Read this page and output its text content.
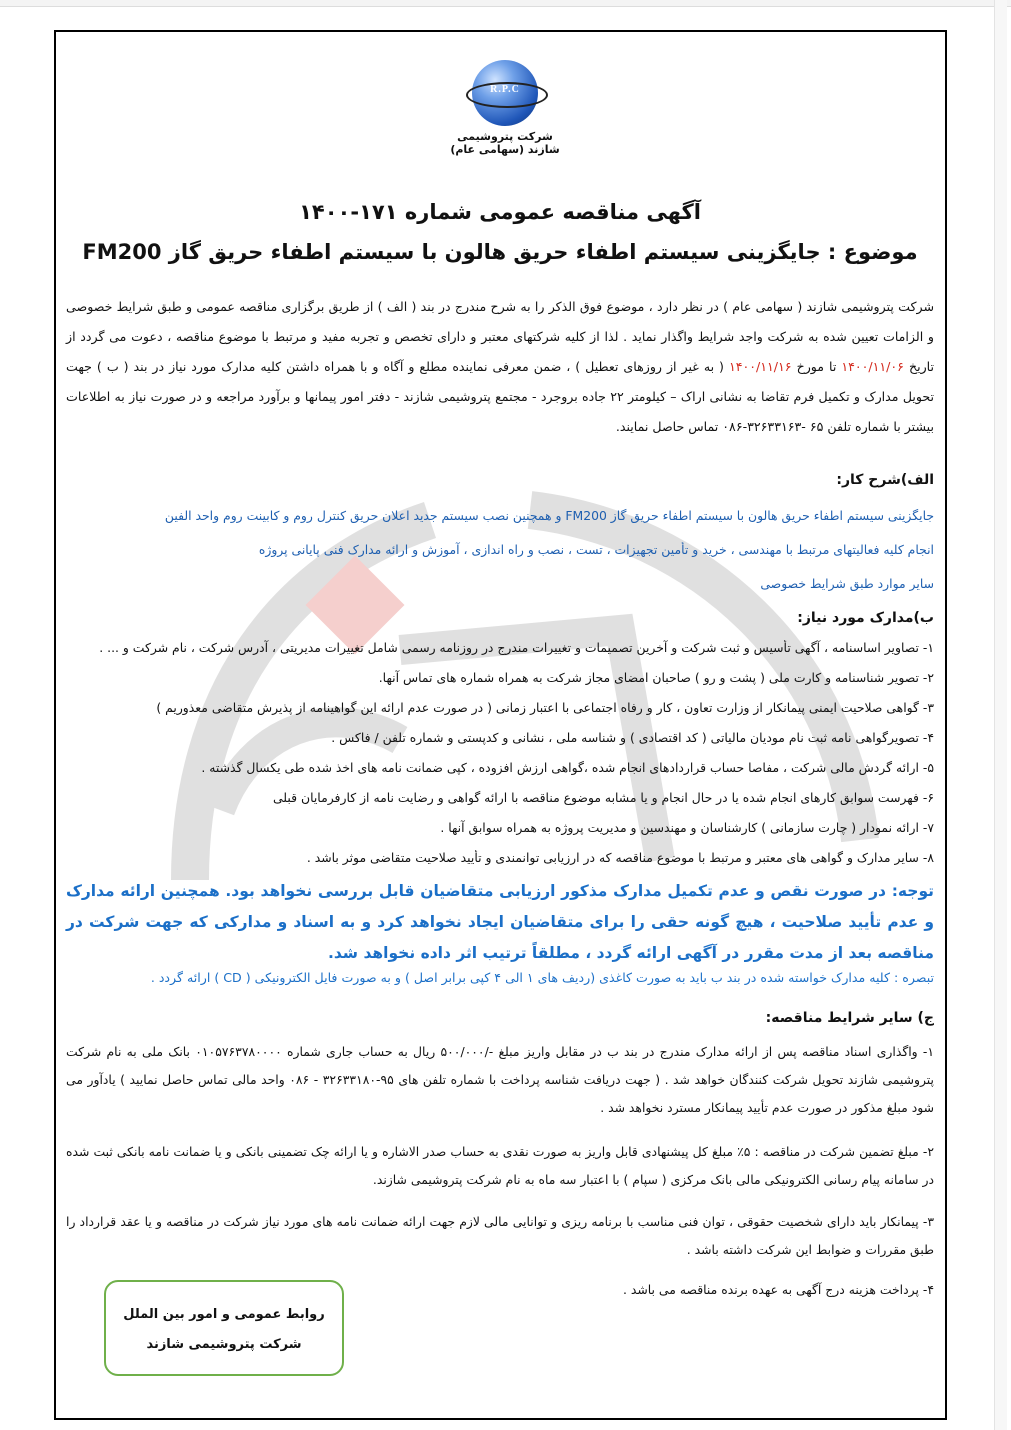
R.P.C
شرکت پتروشیمی شازند (سهامی عام)
آگهی مناقصه عمومی شماره ۱۷۱-۱۴۰۰
موضوع : جایگزینی سیستم اطفاء حریق هالون با سیستم اطفاء حریق گاز FM200
شرکت پتروشیمی شازند ( سهامی عام ) در نظر دارد ، موضوع فوق الذکر را به شرح مندرج در بند ( الف ) از طریق برگزاری مناقصه عمومی و طبق شرایط خصوصی و الزامات تعیین شده به شرکت واجد شرایط واگذار نماید . لذا از کلیه شرکتهای معتبر و دارای تخصص و تجربه مفید و مرتبط با موضوع مناقصه ، دعوت می گردد از تاریخ ۱۴۰۰/۱۱/۰۶ تا مورخ ۱۴۰۰/۱۱/۱۶ ( به غیر از روزهای تعطیل ) ، ضمن معرفی نماینده مطلع و آگاه و با همراه داشتن کلیه مدارک مورد نیاز در بند ( ب ) جهت تحویل مدارک و تکمیل فرم تقاضا به نشانی اراک – کیلومتر ۲۲ جاده بروجرد - مجتمع پتروشیمی شازند - دفتر امور پیمانها و برآورد مراجعه و در صورت نیاز به اطلاعات بیشتر با شماره تلفن ۶۵ -۳۲۶۳۳۱۶۳-۰۸۶ تماس حاصل نمایند.
الف)شرح کار:
جایگزینی سیستم اطفاء حریق هالون با سیستم اطفاء حریق گاز FM200 و همچنین نصب سیستم جدید اعلان حریق کنترل روم و کابینت روم واحد الفین
انجام کلیه فعالیتهای مرتبط با مهندسی ، خرید و تأمین تجهیزات ، تست ، نصب و راه اندازی ، آموزش و ارائه مدارک فنی پایانی پروژه
سایر موارد طبق شرایط خصوصی
ب)مدارک مورد نیاز:
۱- تصاویر اساسنامه ، آگهی تأسیس و ثبت شرکت و آخرین تصمیمات و تغییرات مندرج در روزنامه رسمی شامل تغییرات مدیریتی ، آدرس شرکت ، نام شرکت و ... .
۲- تصویر شناسنامه و کارت ملی ( پشت و رو ) صاحبان امضای مجاز شرکت به همراه شماره های تماس آنها.
۳- گواهی صلاحیت ایمنی پیمانکار از وزارت تعاون ، کار و رفاه اجتماعی با اعتبار زمانی ( در صورت عدم ارائه این گواهینامه از پذیرش متقاضی معذوریم )
۴- تصویرگواهی نامه ثبت نام مودیان مالیاتی ( کد اقتصادی ) و شناسه ملی ، نشانی و کدپستی و شماره تلفن / فاکس .
۵- ارائه گردش مالی شرکت ، مفاصا حساب قراردادهای انجام شده ،گواهی ارزش افزوده ، کپی ضمانت نامه های اخذ شده طی یکسال گذشته .
۶- فهرست سوابق کارهای انجام شده یا در حال انجام و یا مشابه موضوع مناقصه با ارائه گواهی و رضایت نامه از کارفرمایان قبلی
۷- ارائه نمودار ( چارت سازمانی ) کارشناسان و مهندسین و مدیریت پروژه به همراه سوابق آنها .
۸- سایر مدارک و گواهی های معتبر و مرتبط با موضوع مناقصه که در ارزیابی توانمندی و تأیید صلاحیت متقاضی موثر باشد .
توجه: در صورت نقص و عدم تکمیل مدارک مذکور ارزیابی متقاضیان قابل بررسی نخواهد بود. همچنین ارائه مدارک و عدم تأیید صلاحیت ، هیچ گونه حقی را برای متقاضیان ایجاد نخواهد کرد و به اسناد و مدارکی که جهت شرکت در مناقصه بعد از مدت مقرر در آگهی ارائه گردد ، مطلقاً ترتیب اثر داده نخواهد شد.
تبصره : کلیه مدارک خواسته شده در بند ب باید به صورت کاغذی (ردیف های ۱ الی ۴ کپی برابر اصل ) و به صورت فایل الکترونیکی ( CD ) ارائه گردد .
ج) سایر شرایط مناقصه:
۱- واگذاری اسناد مناقصه پس از ارائه مدارک مندرج در بند ب در مقابل واریز مبلغ -/۵۰۰/۰۰۰ ریال به حساب جاری شماره ۰۱۰۵۷۶۳۷۸۰۰۰۰ بانک ملی به نام شرکت پتروشیمی شازند تحویل شرکت کنندگان خواهد شد . ( جهت دریافت شناسه پرداخت با شماره تلفن های ۹۵-۳۲۶۳۳۱۸۰ - ۰۸۶ واحد مالی تماس حاصل نمایید ) یادآور می شود مبلغ مذکور در صورت عدم تأیید پیمانکار مسترد نخواهد شد .
۲- مبلغ تضمین شرکت در مناقصه : ۵٪ مبلغ کل پیشنهادی قابل واریز به صورت نقدی به حساب صدر الاشاره و یا ارائه چک تضمینی بانکی و یا ضمانت نامه بانکی ثبت شده در سامانه پیام رسانی الکترونیکی مالی بانک مرکزی ( سپام ) با اعتبار سه ماه به نام شرکت پتروشیمی شازند.
۳- پیمانکار باید دارای شخصیت حقوقی ، توان فنی مناسب با برنامه ریزی و توانایی مالی لازم جهت ارائه ضمانت نامه های مورد نیاز شرکت در مناقصه و یا عقد قرارداد را طبق مقررات و ضوابط این شرکت داشته باشد .
۴- پرداخت هزینه درج آگهی به عهده برنده مناقصه می باشد .
روابط عمومی و امور بین الملل
شرکت پتروشیمی شازند
